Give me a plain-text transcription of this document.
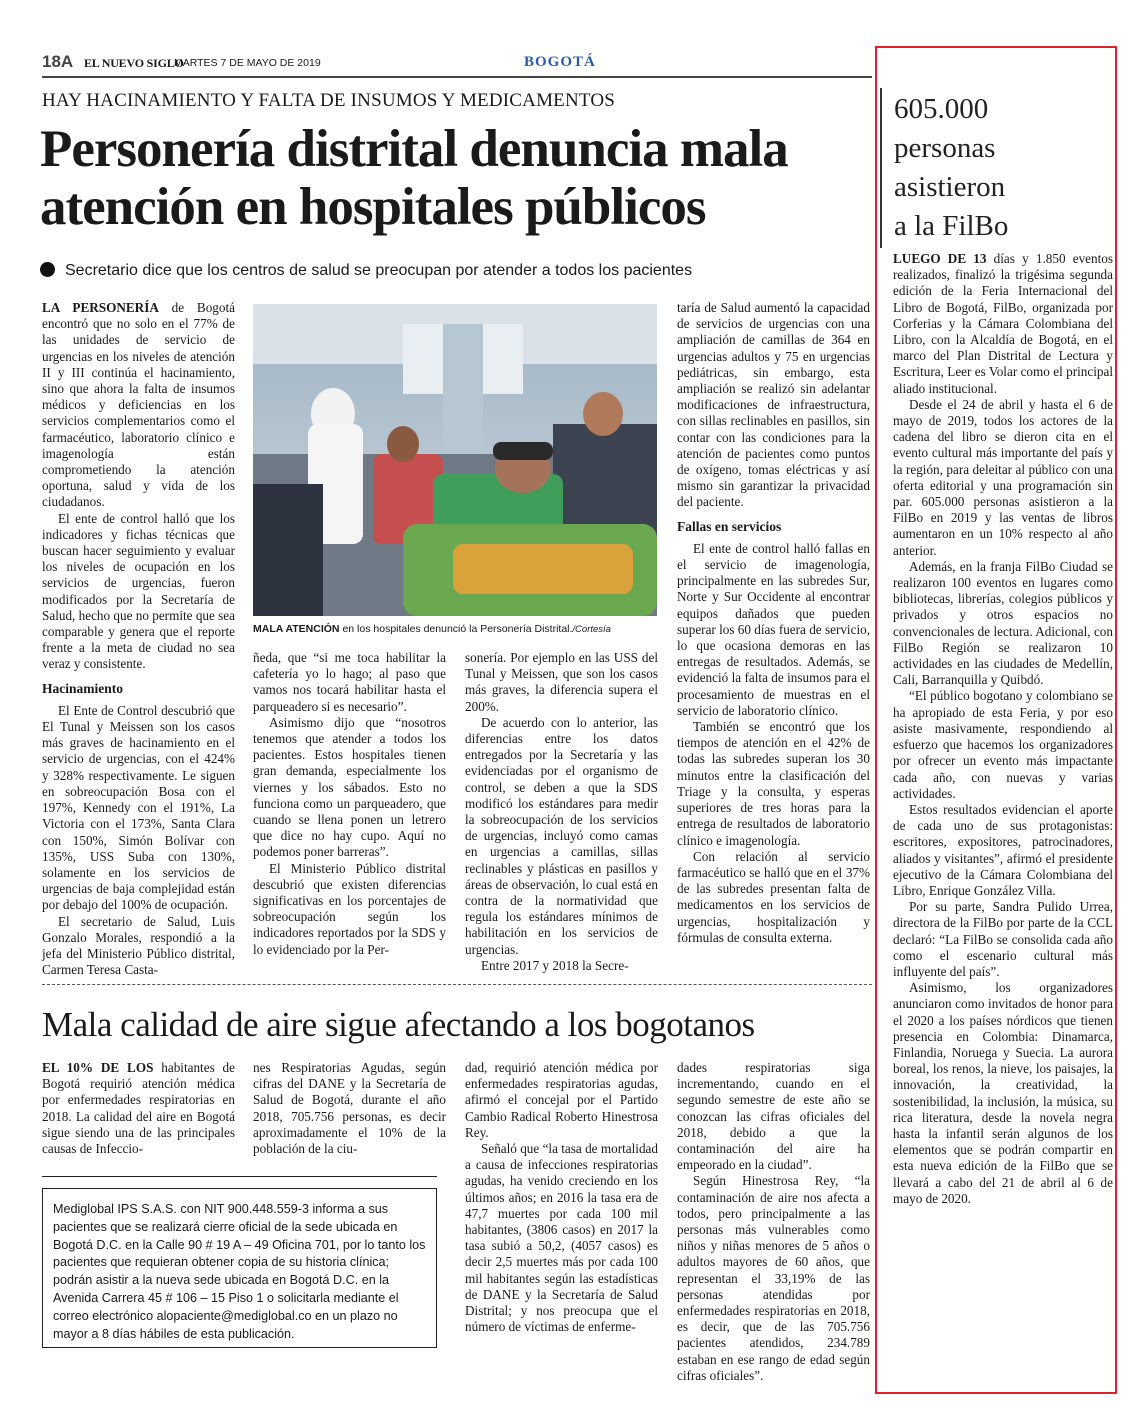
18A EL NUEVO SIGLO
MARTES 7 DE MAYO DE 2019	BOGOTÁ
HAY HACINAMIENTO Y FALTA DE INSUMOS Y MEDICAMENTOS
Personería distrital denuncia mala
atención en hospitales públicos
Secretario dice que los centros de salud se preocupan por atender a todos los pacientes

LA PERSONERÍA de Bogotá encontró que no solo en el 77% de las unidades de servicio de urgencias en los niveles de atención II y III continúa el hacinamiento, sino que ahora la falta de insumos médicos y deficiencias en los servicios complementarios como el farmacéutico, laboratorio clínico e imagenología están comprometiendo la atención oportuna, salud y vida de los ciudadanos.

El ente de control halló que los indicadores y fichas técnicas que buscan hacer seguimiento y evaluar los niveles de ocupación en los servicios de urgencias, fueron modificados por la Secretaría de Salud, hecho que no permite que sea comparable y genera que el reporte frente a la meta de ciudad no sea veraz y consistente.

Hacinamiento

El Ente de Control descubrió que El Tunal y Meissen son los casos más graves de hacinamiento en el servicio de urgencias, con el 424% y 328% respectivamente. Le siguen en sobreocupación Bosa con el 197%, Kennedy con el 191%, La Victoria con el 173%, Santa Clara con 150%, Simón Bolívar con 135%, USS Suba con 130%, solamente en los servicios de urgencias de baja complejidad están por debajo del 100% de ocupación.

El secretario de Salud, Luis Gonzalo Morales, respondió a la jefa del Ministerio Público distrital, Carmen Teresa Casta-

MALA ATENCIÓN en los hospitales denunció la Personería Distrital./Cortesía

ñeda, que “si me toca habilitar la cafetería yo lo hago; al paso que vamos nos tocará habilitar hasta el parqueadero si es necesario”.

Asimismo dijo que “nosotros tenemos que atender a todos los pacientes. Estos hospitales tienen gran demanda, especialmente los viernes y los sábados. Esto no funciona como un parqueadero, que cuando se llena ponen un letrero que dice no hay cupo. Aquí no podemos poner barreras”.

El Ministerio Público distrital descubrió que existen diferencias significativas en los porcentajes de sobreocupación según los indicadores reportados por la SDS y lo evidenciado por la Per-

sonería. Por ejemplo en las USS del Tunal y Meissen, que son los casos más graves, la diferencia supera el 200%.

De acuerdo con lo anterior, las diferencias entre los datos entregados por la Secretaría y las evidenciadas por el organismo de control, se deben a que la SDS modificó los estándares para medir la sobreocupación de los servicios de urgencias, incluyó como camas en urgencias a camillas, sillas reclinables y plásticas en pasillos y áreas de observación, lo cual está en contra de la normatividad que regula los estándares mínimos de habilitación en los servicios de urgencias.

Entre 2017 y 2018 la Secre-

taría de Salud aumentó la capacidad de servicios de urgencias con una ampliación de camillas de 364 en urgencias adultos y 75 en urgencias pediátricas, sin embargo, esta ampliación se realizó sin adelantar modificaciones de infraestructura, con sillas reclinables en pasillos, sin contar con las condiciones para la atención de pacientes como puntos de oxígeno, tomas eléctricas y así mismo sin garantizar la privacidad del paciente.

Fallas en servicios

El ente de control halló fallas en el servicio de imagenología, principalmente en las subredes Sur, Norte y Sur Occidente al encontrar equipos dañados que pueden superar los 60 días fuera de servicio, lo que ocasiona demoras en las entregas de resultados. Además, se evidenció la falta de insumos para el procesamiento de muestras en el servicio de laboratorio clínico.

También se encontró que los tiempos de atención en el 42% de todas las subredes superan los 30 minutos entre la clasificación del Triage y la consulta, y esperas superiores de tres horas para la entrega de resultados de laboratorio clínico e imagenología.

Con relación al servicio farmacéutico se halló que en el 37% de las subredes presentan falta de medicamentos en los servicios de urgencias, hospitalización y fórmulas de consulta externa.

Mala calidad de aire sigue afectando a los bogotanos

EL 10% DE LOS habitantes de Bogotá requirió atención médica por enfermedades respiratorias en 2018. La calidad del aire en Bogotá sigue siendo una de las principales causas de Infeccio-

nes Respiratorias Agudas, según cifras del DANE y la Secretaría de Salud de Bogotá, durante el año 2018, 705.756 personas, es decir aproximadamente el 10% de la población de la ciu-

dad, requirió atención médica por enfermedades respiratorias agudas, afirmó el concejal por el Partido Cambio Radical Roberto Hinestrosa Rey.

Señaló que “la tasa de mortalidad a causa de infecciones respiratorias agudas, ha venido creciendo en los últimos años; en 2016 la tasa era de 47,7 muertes por cada 100 mil habitantes, (3806 casos) en 2017 la tasa subió a 50,2, (4057 casos) es decir 2,5 muertes más por cada 100 mil habitantes según las estadísticas de DANE y la Secretaría de Salud Distrital; y nos preocupa que el número de víctimas de enferme-

dades respiratorias siga incrementando, cuando en el segundo semestre de este año se conozcan las cifras oficiales del 2018, debido a que la contaminación del aire ha empeorado en la ciudad”.

Según Hinestrosa Rey, “la contaminación de aire nos afecta a todos, pero principalmente a las personas más vulnerables como niños y niñas menores de 5 años o adultos mayores de 60 años, que representan el 33,19% de las personas atendidas por enfermedades respiratorias en 2018, es decir, que de las 705.756 pacientes atendidos, 234.789 estaban en ese rango de edad según cifras oficiales”.

Mediglobal IPS S.A.S. con NIT 900.448.559-3 informa a sus pacientes que se realizará cierre oficial de la sede ubicada en Bogotá D.C. en la Calle 90 # 19 A – 49 Oficina 701, por lo tanto los pacientes que requieran obtener copia de su historia clínica; podrán asistir a la nueva sede ubicada en Bogotá D.C. en la Avenida Carrera 45 # 106 – 15 Piso 1 o solicitarla mediante el correo electrónico alopaciente@mediglobal.co en un plazo no mayor a 8 días hábiles de esta publicación.
605.000
personas
asistieron
a la FilBo

LUEGO DE 13 días y 1.850 eventos realizados, finalizó la trigésima segunda edición de la Feria Internacional del Libro de Bogotá, FilBo, organizada por Corferias y la Cámara Colombiana del Libro, con la Alcaldía de Bogotá, en el marco del Plan Distrital de Lectura y Escritura, Leer es Volar como el principal aliado institucional.

Desde el 24 de abril y hasta el 6 de mayo de 2019, todos los actores de la cadena del libro se dieron cita en el evento cultural más importante del país y la región, para deleitar al público con una oferta editorial y una programación sin par. 605.000 personas asistieron a la FilBo en 2019 y las ventas de libros aumentaron en un 10% respecto al año anterior.

Además, en la franja FilBo Ciudad se realizaron 100 eventos en lugares como bibliotecas, librerías, colegios públicos y privados y otros espacios no convencionales de lectura. Adicional, con FilBo Región se realizaron 10 actividades en las ciudades de Medellín, Cali, Barranquilla y Quibdó.

“El público bogotano y colombiano se ha apropiado de esta Feria, y por eso asiste masivamente, respondiendo al esfuerzo que hacemos los organizadores por ofrecer un evento más impactante cada año, con nuevas y varias actividades.

Estos resultados evidencian el aporte de cada uno de sus protagonistas: escritores, expositores, patrocinadores, aliados y visitantes”, afirmó el presidente ejecutivo de la Cámara Colombiana del Libro, Enrique González Villa.

Por su parte, Sandra Pulido Urrea, directora de la FilBo por parte de la CCL declaró: “La FilBo se consolida cada año como el escenario cultural más influyente del país”.

Asimismo, los organizadores anunciaron como invitados de honor para el 2020 a los países nórdicos que tienen presencia en Colombia: Dinamarca, Finlandia, Noruega y Suecia. La aurora boreal, los renos, la nieve, los paisajes, la innovación, la creatividad, la sostenibilidad, la inclusión, la música, su rica literatura, desde la novela negra hasta la infantil serán algunos de los elementos que se podrán compartir en esta nueva edición de la FilBo que se llevará a cabo del 21 de abril al 6 de mayo de 2020.
